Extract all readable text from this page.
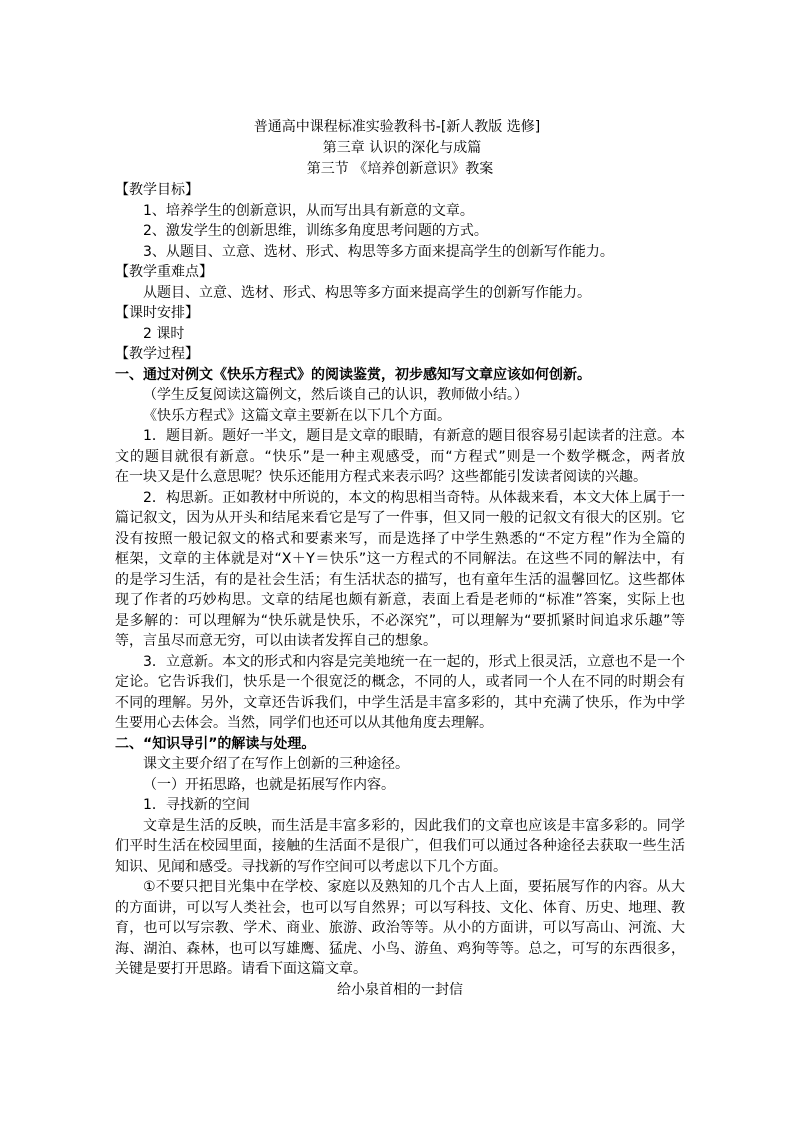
普通高中课程标准实验教科书-[新人教版 选修]
第三章 认识的深化与成篇
第三节 《培养创新意识》教案
【教学目标】
1、培养学生的创新意识，从而写出具有新意的文章。
2、激发学生的创新思维，训练多角度思考问题的方式。
3、从题目、立意、选材、形式、构思等多方面来提高学生的创新写作能力。
【教学重难点】
从题目、立意、选材、形式、构思等多方面来提高学生的创新写作能力。
【课时安排】
2 课时
【教学过程】
一、通过对例文《快乐方程式》的阅读鉴赏，初步感知写文章应该如何创新。
（学生反复阅读这篇例文，然后谈自己的认识，教师做小结。）
《快乐方程式》这篇文章主要新在以下几个方面。
1．题目新。题好一半文，题目是文章的眼睛，有新意的题目很容易引起读者的注意。本
文的题目就很有新意。“快乐”是一种主观感受，而“方程式”则是一个数学概念，两者放
在一块又是什么意思呢？快乐还能用方程式来表示吗？这些都能引发读者阅读的兴趣。
2．构思新。正如教材中所说的，本文的构思相当奇特。从体裁来看，本文大体上属于一
篇记叙文，因为从开头和结尾来看它是写了一件事，但又同一般的记叙文有很大的区别。它
没有按照一般记叙文的格式和要素来写，而是选择了中学生熟悉的“不定方程”作为全篇的
框架，文章的主体就是对“X＋Y＝快乐”这一方程式的不同解法。在这些不同的解法中，有
的是学习生活，有的是社会生活；有生活状态的描写，也有童年生活的温馨回忆。这些都体
现了作者的巧妙构思。文章的结尾也颇有新意，表面上看是老师的“标准”答案，实际上也
是多解的：可以理解为“快乐就是快乐，不必深究”，可以理解为“要抓紧时间追求乐趣”等
等，言虽尽而意无穷，可以由读者发挥自己的想象。
3．立意新。本文的形式和内容是完美地统一在一起的，形式上很灵活，立意也不是一个
定论。它告诉我们，快乐是一个很宽泛的概念，不同的人，或者同一个人在不同的时期会有
不同的理解。另外，文章还告诉我们，中学生活是丰富多彩的，其中充满了快乐，作为中学
生要用心去体会。当然，同学们也还可以从其他角度去理解。
二、“知识导引”的解读与处理。
课文主要介绍了在写作上创新的三种途径。
（一）开拓思路，也就是拓展写作内容。
1．寻找新的空间
文章是生活的反映，而生活是丰富多彩的，因此我们的文章也应该是丰富多彩的。同学
们平时生活在校园里面，接触的生活面不是很广，但我们可以通过各种途径去获取一些生活
知识、见闻和感受。寻找新的写作空间可以考虑以下几个方面。
①不要只把目光集中在学校、家庭以及熟知的几个古人上面，要拓展写作的内容。从大
的方面讲，可以写人类社会，也可以写自然界；可以写科技、文化、体育、历史、地理、教
育，也可以写宗教、学术、商业、旅游、政治等等。从小的方面讲，可以写高山、河流、大
海、湖泊、森林，也可以写雄鹰、猛虎、小鸟、游鱼、鸡狗等等。总之，可写的东西很多，
关键是要打开思路。请看下面这篇文章。
给小泉首相的一封信
